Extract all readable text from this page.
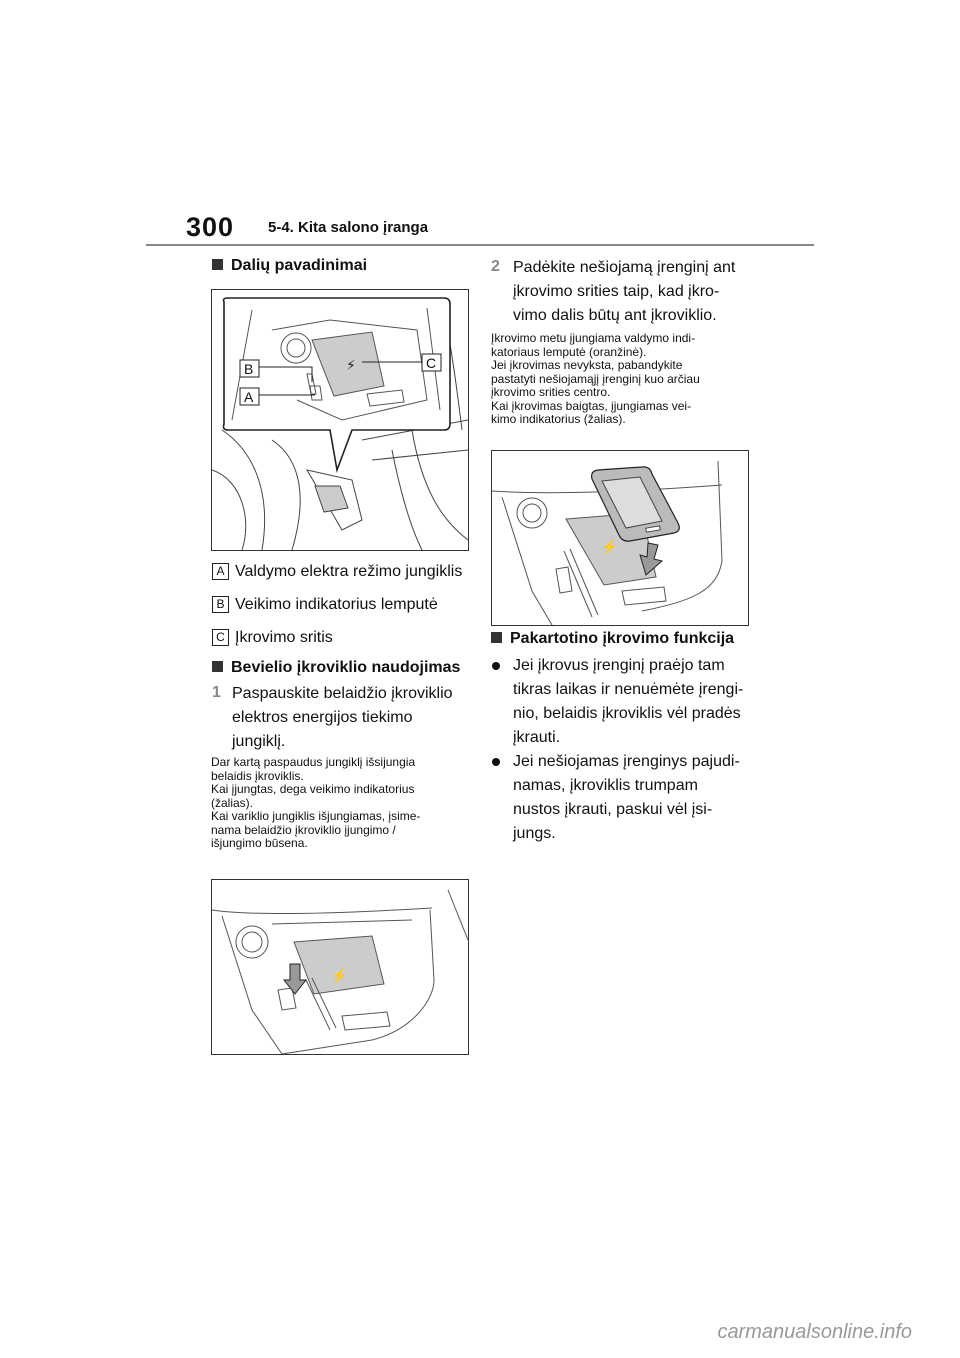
300 5-4. Kita salono įranga
Dalių pavadinimai
⚡
B
A
C
A Valdymo elektra režimo jungiklis
B Veikimo indikatorius lemputė
C Įkrovimo sritis
Bevielio įkroviklio naudojimas
1 Paspauskite belaidžio įkroviklio
elektros energijos tiekimo
jungiklį.
Dar kartą paspaudus jungiklį išsijungia
belaidis įkroviklis.
Kai įjungtas, dega veikimo indikatorius
(žalias).
Kai variklio jungiklis išjungiamas, įsime-
nama belaidžio įkroviklio įjungimo /
išjungimo būsena.
⚡
2 Padėkite nešiojamą įrenginį ant
įkrovimo srities taip, kad įkro-
vimo dalis būtų ant įkroviklio.
Įkrovimo metu įjungiama valdymo indi-
katoriaus lemputė (oranžinė).
Jei įkrovimas nevyksta, pabandykite
pastatyti nešiojamąjį įrenginį kuo arčiau
įkrovimo srities centro.
Kai įkrovimas baigtas, įjungiamas vei-
kimo indikatorius (žalias).
⚡
Pakartotino įkrovimo funkcija
Jei įkrovus įrenginį praėjo tam
tikras laikas ir nenuėmėte įrengi-
nio, belaidis įkroviklis vėl pradės
įkrauti.
Jei nešiojamas įrenginys pajudi-
namas, įkroviklis trumpam
nustos įkrauti, paskui vėl įsi-
jungs.
carmanualsonline.info
